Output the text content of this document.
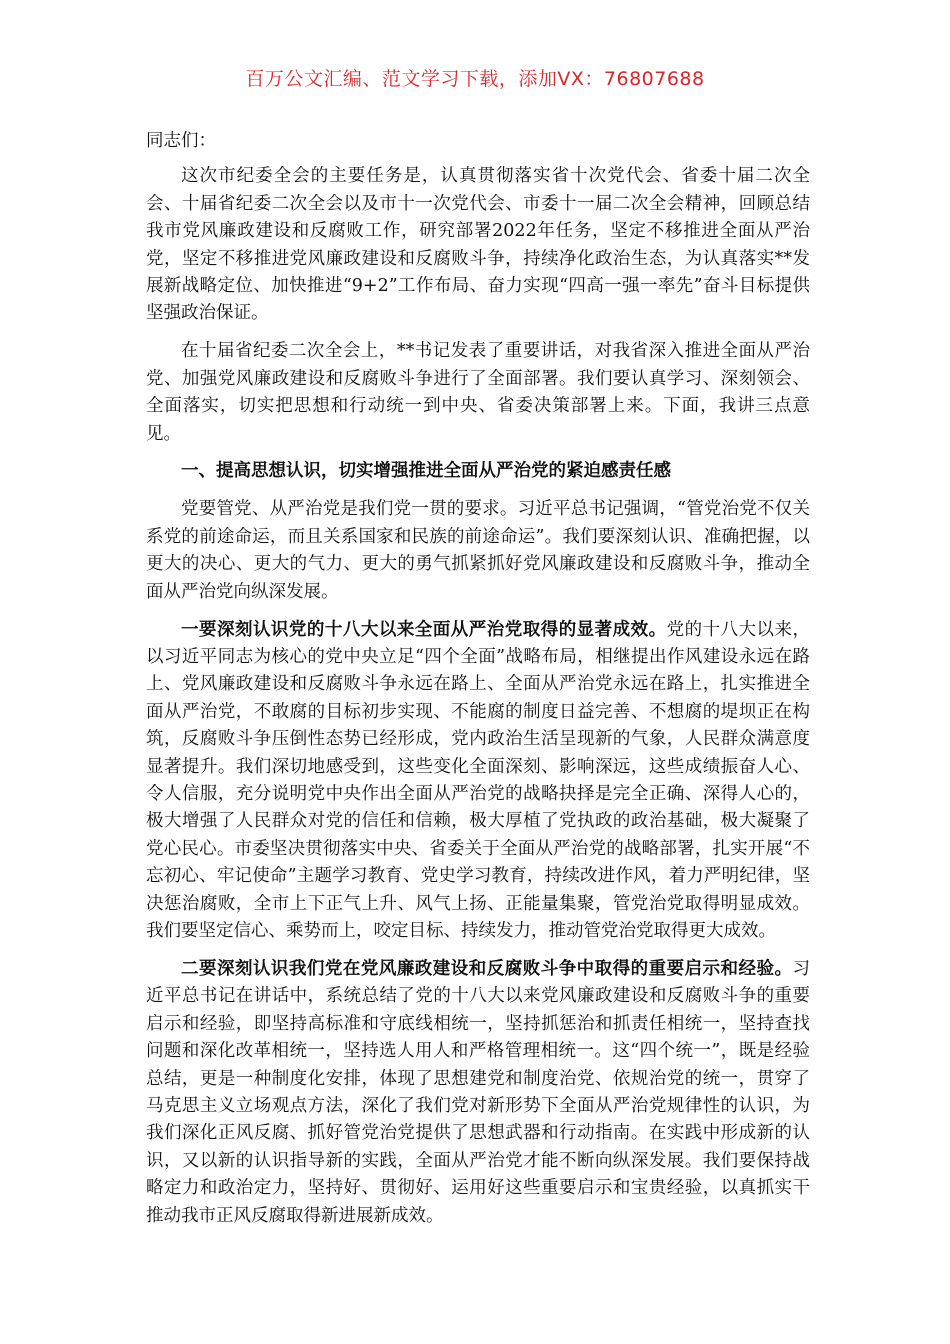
百万公文汇编、范文学习下载，添加VX：76807688

同志们：

这次市纪委全会的主要任务是，认真贯彻落实省十次党代会、省委十届二次全会、十届省纪委二次全会以及市十一次党代会、市委十一届二次全会精神，回顾总结我市党风廉政建设和反腐败工作，研究部署2022年任务，坚定不移推进全面从严治党，坚定不移推进党风廉政建设和反腐败斗争，持续净化政治生态，为认真落实**发展新战略定位、加快推进“9+2”工作布局、奋力实现“四高一强一率先”奋斗目标提供坚强政治保证。

在十届省纪委二次全会上，**书记发表了重要讲话，对我省深入推进全面从严治党、加强党风廉政建设和反腐败斗争进行了全面部署。我们要认真学习、深刻领会、全面落实，切实把思想和行动统一到中央、省委决策部署上来。下面，我讲三点意见。

一、提高思想认识，切实增强推进全面从严治党的紧迫感责任感

党要管党、从严治党是我们党一贯的要求。习近平总书记强调，“管党治党不仅关系党的前途命运，而且关系国家和民族的前途命运”。我们要深刻认识、准确把握，以更大的决心、更大的气力、更大的勇气抓紧抓好党风廉政建设和反腐败斗争，推动全面从严治党向纵深发展。

一要深刻认识党的十八大以来全面从严治党取得的显著成效。党的十八大以来，以习近平同志为核心的党中央立足“四个全面”战略布局，相继提出作风建设永远在路上、党风廉政建设和反腐败斗争永远在路上、全面从严治党永远在路上，扎实推进全面从严治党，不敢腐的目标初步实现、不能腐的制度日益完善、不想腐的堤坝正在构筑，反腐败斗争压倒性态势已经形成，党内政治生活呈现新的气象，人民群众满意度显著提升。我们深切地感受到，这些变化全面深刻、影响深远，这些成绩振奋人心、令人信服，充分说明党中央作出全面从严治党的战略抉择是完全正确、深得人心的，极大增强了人民群众对党的信任和信赖，极大厚植了党执政的政治基础，极大凝聚了党心民心。市委坚决贯彻落实中央、省委关于全面从严治党的战略部署，扎实开展“不忘初心、牢记使命”主题学习教育、党史学习教育，持续改进作风，着力严明纪律，坚决惩治腐败，全市上下正气上升、风气上扬、正能量集聚，管党治党取得明显成效。我们要坚定信心、乘势而上，咬定目标、持续发力，推动管党治党取得更大成效。

二要深刻认识我们党在党风廉政建设和反腐败斗争中取得的重要启示和经验。习近平总书记在讲话中，系统总结了党的十八大以来党风廉政建设和反腐败斗争的重要启示和经验，即坚持高标准和守底线相统一，坚持抓惩治和抓责任相统一，坚持查找问题和深化改革相统一，坚持选人用人和严格管理相统一。这“四个统一”，既是经验总结，更是一种制度化安排，体现了思想建党和制度治党、依规治党的统一，贯穿了马克思主义立场观点方法，深化了我们党对新形势下全面从严治党规律性的认识，为我们深化正风反腐、抓好管党治党提供了思想武器和行动指南。在实践中形成新的认识，又以新的认识指导新的实践，全面从严治党才能不断向纵深发展。我们要保持战略定力和政治定力，坚持好、贯彻好、运用好这些重要启示和宝贵经验，以真抓实干推动我市正风反腐取得新进展新成效。
